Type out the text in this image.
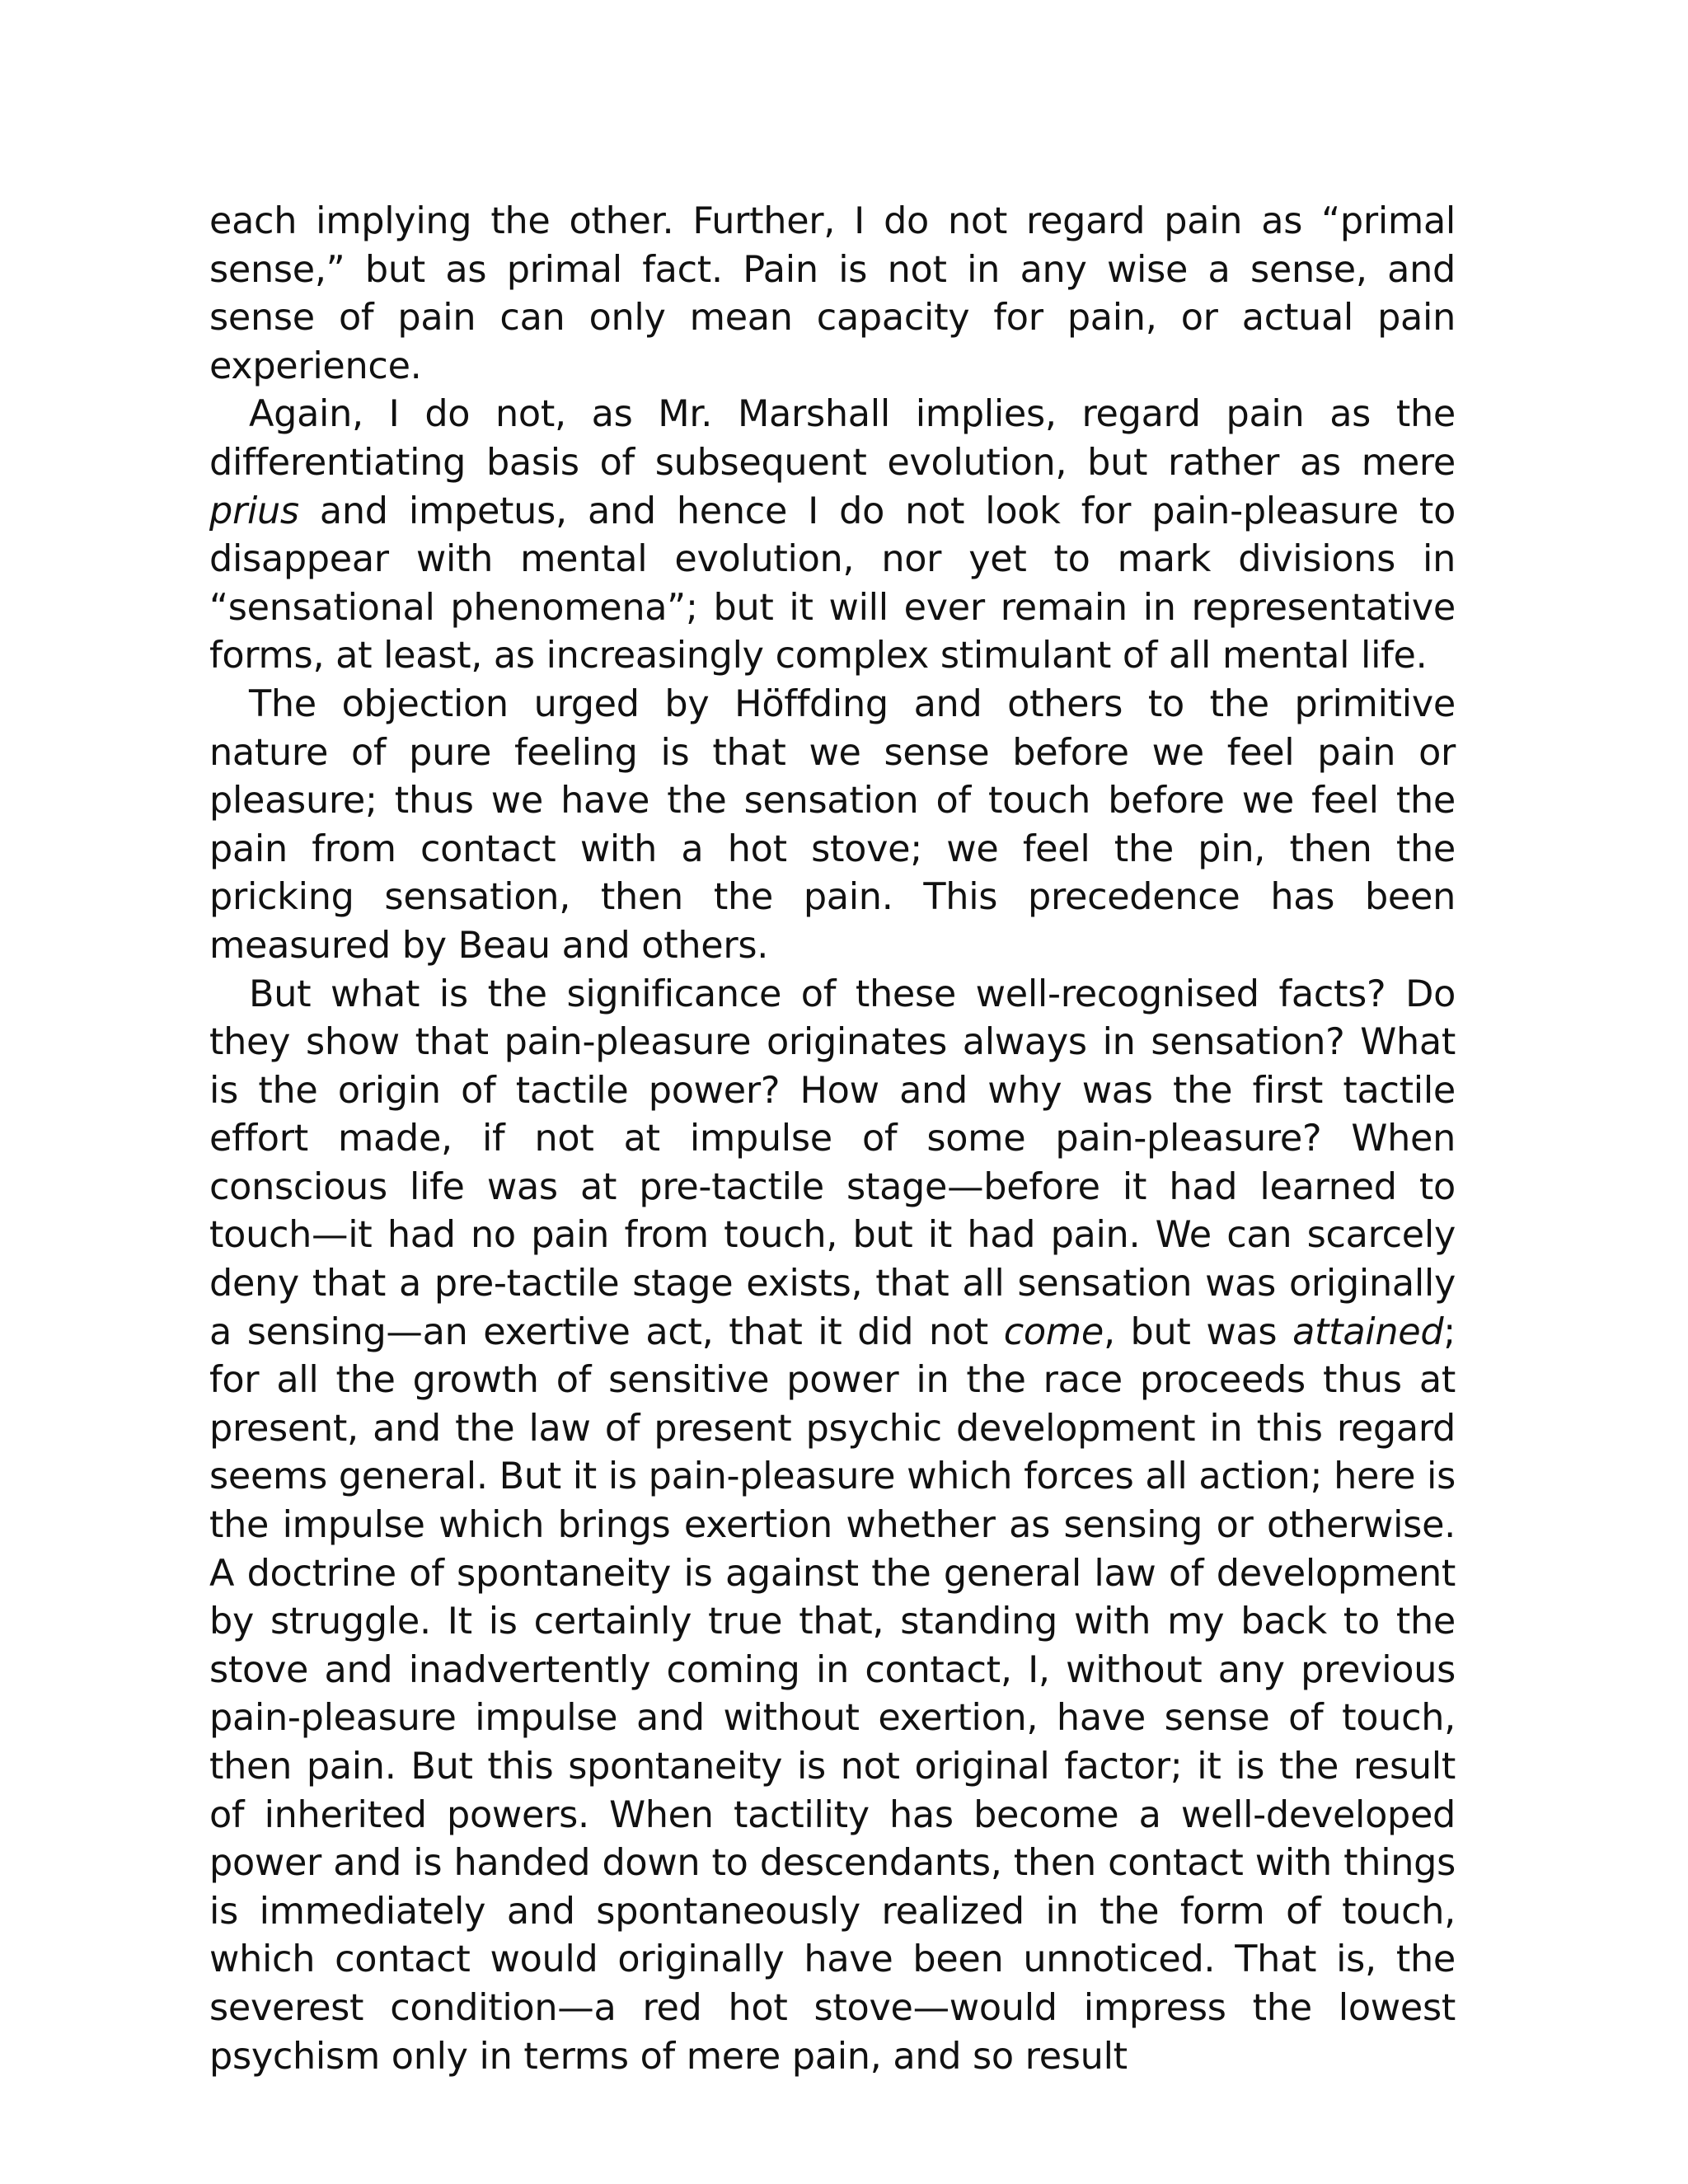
each implying the other. Further, I do not regard pain as “primal sense,” but as primal fact. Pain is not in any wise a sense, and sense of pain can only mean capacity for pain, or actual pain experience.

Again, I do not, as Mr. Marshall implies, regard pain as the differentiating basis of subsequent evolution, but rather as mere prius and impetus, and hence I do not look for pain-pleasure to disappear with mental evolution, nor yet to mark divisions in “sensational phenomena”; but it will ever remain in representative forms, at least, as increasingly complex stimulant of all mental life.

The objection urged by Höffding and others to the primitive nature of pure feeling is that we sense before we feel pain or pleasure; thus we have the sensation of touch before we feel the pain from contact with a hot stove; we feel the pin, then the pricking sensation, then the pain. This precedence has been measured by Beau and others.

But what is the significance of these well-recognised facts? Do they show that pain-pleasure originates always in sensation? What is the origin of tactile power? How and why was the first tactile effort made, if not at impulse of some pain-pleasure? When conscious life was at pre-tactile stage—before it had learned to touch—it had no pain from touch, but it had pain. We can scarcely deny that a pre-tactile stage exists, that all sensation was originally a sensing—an exertive act, that it did not come, but was attained; for all the growth of sensitive power in the race proceeds thus at present, and the law of present psychic development in this regard seems general. But it is pain-pleasure which forces all action; here is the impulse which brings exertion whether as sensing or otherwise. A doctrine of spontaneity is against the general law of development by struggle. It is certainly true that, standing with my back to the stove and inadvertently coming in contact, I, without any previous pain-pleasure impulse and without exertion, have sense of touch, then pain. But this spontaneity is not original factor; it is the result of inherited powers. When tactility has become a well-developed power and is handed down to descendants, then contact with things is immediately and spontaneously realized in the form of touch, which contact would originally have been unnoticed. That is, the severest condition—a red hot stove—would impress the lowest psychism only in terms of mere pain, and so result
